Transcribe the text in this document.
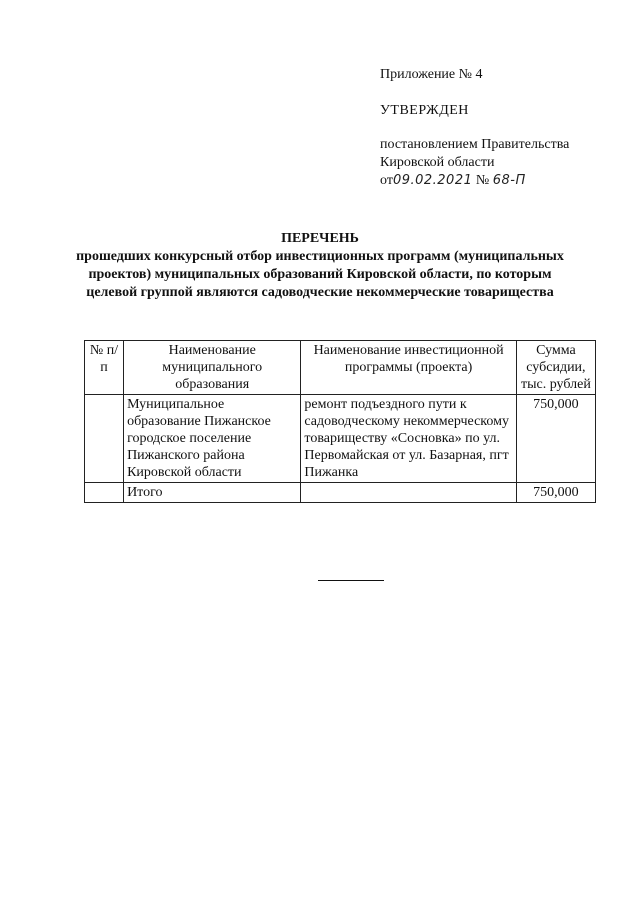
Приложение № 4
УТВЕРЖДЕН
постановлением Правительства
Кировской области
от09.02.2021 № 68-П
ПЕРЕЧЕНЬ
прошедших конкурсный отбор инвестиционных программ (муниципальных проектов) муниципальных образований Кировской области, по которым целевой группой являются садоводческие некоммерческие товарищества
№ п/п	Наименование муниципального образования	Наименование инвестиционной программы (проекта)	Сумма субсидии, тыс. рублей
	Муниципальное образование Пижанское городское поселение Пижанского района Кировской области	ремонт подъездного пути к садоводческому некоммерческому товариществу «Сосновка» по ул. Первомайская от ул. Базарная, пгт Пижанка	750,000
	Итого		750,000
